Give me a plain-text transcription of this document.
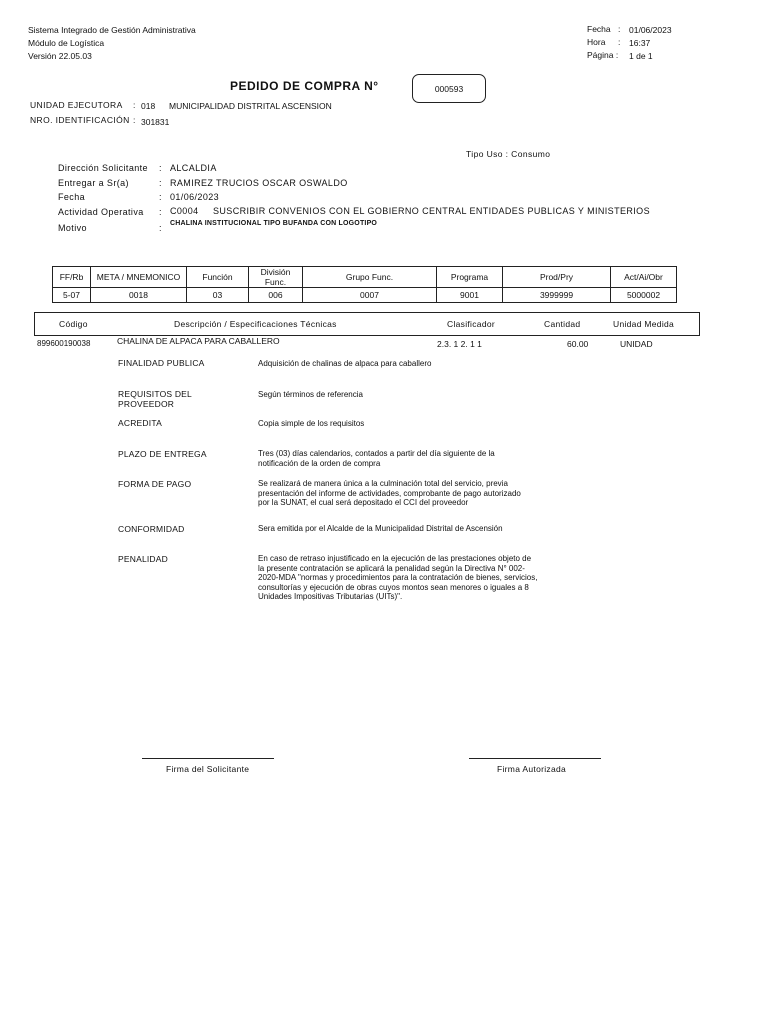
Sistema Integrado de Gestión Administrativa
Módulo de Logística
Versión 22.05.03
Fecha : 01/06/2023
Hora : 16:37
Página : 1 de 1
PEDIDO DE COMPRA N°	000593
UNIDAD EJECUTORA : 018 MUNICIPALIDAD DISTRITAL ASCENSION
NRO. IDENTIFICACIÓN : 301831
Tipo Uso : Consumo
Dirección Solicitante : ALCALDIA
Entregar a Sr(a)	: RAMIREZ TRUCIOS OSCAR OSWALDO
Fecha	: 01/06/2023
Actividad Operativa : C0004 SUSCRIBIR CONVENIOS CON EL GOBIERNO CENTRAL ENTIDADES PUBLICAS Y MINISTERIOS
Motivo	: CHALINA INSTITUCIONAL TIPO BUFANDA CON LOGOTIPO
FF/Rb	META / MNEMONICO	Función	División Func.	Grupo Func.	Programa	Prod/Pry	Act/Ai/Obr
5-07	0018	03	006	0007	9001	3999999	5000002
Código	Descripción / Especificaciones Técnicas	Clasificador	Cantidad	Unidad Medida
899600190038	CHALINA DE ALPACA PARA CABALLERO	2.3. 1 2. 1 1	60.00	UNIDAD
FINALIDAD PUBLICA	Adquisición de chalinas de alpaca para caballero
REQUISITOS DEL PROVEEDOR
Según términos de referencia
ACREDITA	Copia simple de los requisitos
PLAZO DE ENTREGA	Tres (03) días calendarios, contados a partir del día siguiente de la notificación de la orden de compra
FORMA DE PAGO	Se realizará de manera única a la culminación total del servicio, previa presentación del informe de actividades, comprobante de pago autorizado por la SUNAT, el cual será depositado el CCI del proveedor
CONFORMIDAD	Sera emitida por el Alcalde de la Municipalidad Distrital de Ascensión
PENALIDAD	En caso de retraso injustificado en la ejecución de las prestaciones objeto de la presente contratación se aplicará la penalidad según la Directiva N° 002-2020-MDA "normas y procedimientos para la contratación de bienes, servicios, consultorías y ejecución de obras cuyos montos sean menores o iguales a 8 Unidades Impositivas Tributarias (UITs)".
Firma del Solicitante	Firma Autorizada
